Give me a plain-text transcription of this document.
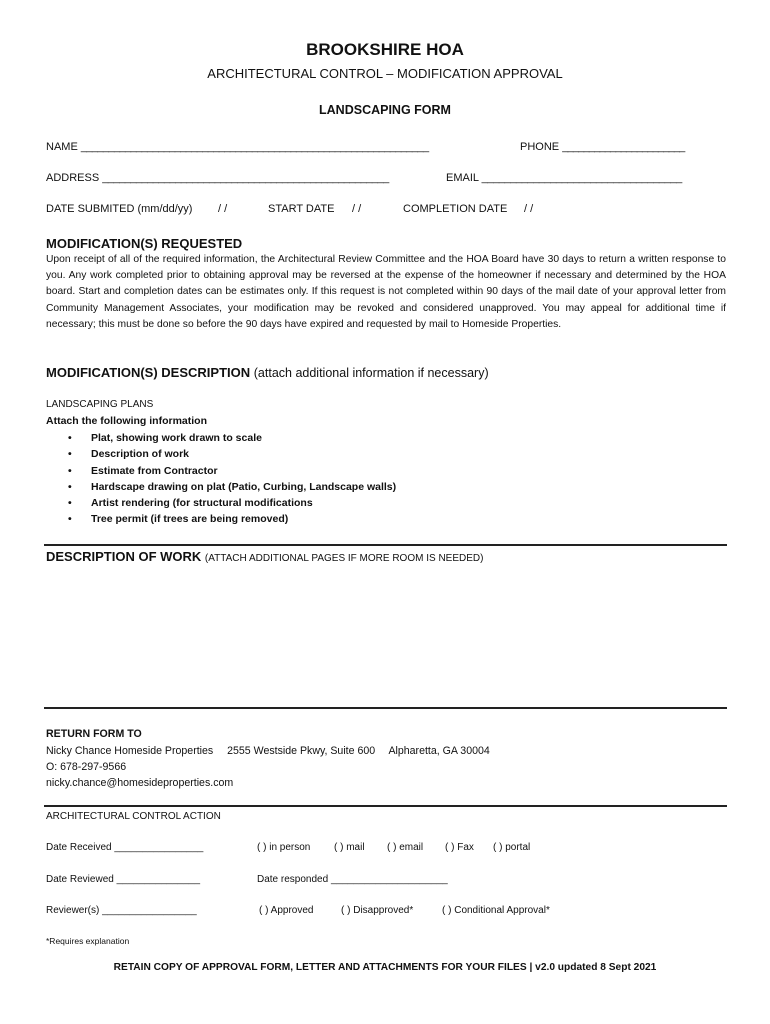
BROOKSHIRE HOA
ARCHITECTURAL CONTROL – MODIFICATION APPROVAL
LANDSCAPING FORM
NAME _______________________________________________________________	PHONE _______________________
ADDRESS ___________________________________________________	EMAIL ___________________________________
DATE SUBMITED (mm/dd/yy) / /	START DATE / /	COMPLETION DATE / /
MODIFICATION(S) REQUESTED
Upon receipt of all of the required information, the Architectural Review Committee and the HOA Board have 30 days to return a written response to you. Any work completed prior to obtaining approval may be reversed at the expense of the homeowner if necessary and determined by the HOA board. Start and completion dates can be estimates only. If this request is not completed within 90 days of the mail date of your approval letter from Community Management Associates, your modification may be revoked and considered unapproved. You may appeal for additional time if necessary; this must be done so before the 90 days have expired and requested by mail to Homeside Properties.
MODIFICATION(S) DESCRIPTION (attach additional information if necessary)
LANDSCAPING PLANS
Attach the following information
• Plat, showing work drawn to scale
• Description of work
• Estimate from Contractor
• Hardscape drawing on plat (Patio, Curbing, Landscape walls)
• Artist rendering (for structural modifications
• Tree permit (if trees are being removed)
DESCRIPTION OF WORK (ATTACH ADDITIONAL PAGES IF MORE ROOM IS NEEDED)
RETURN FORM TO
Nicky Chance Homeside Properties 2555 Westside Pkwy, Suite 600 Alpharetta, GA 30004
O: 678-297-9566
nicky.chance@homesideproperties.com
ARCHITECTURAL CONTROL ACTION
Date Received ________________	( ) in person ( ) mail ( ) email ( ) Fax ( ) portal
Date Reviewed _______________	Date responded _____________________
Reviewer(s) _________________	( ) Approved	( ) Disapproved*	( ) Conditional Approval*
*Requires explanation
RETAIN COPY OF APPROVAL FORM, LETTER AND ATTACHMENTS FOR YOUR FILES | v2.0 updated 8 Sept 2021
